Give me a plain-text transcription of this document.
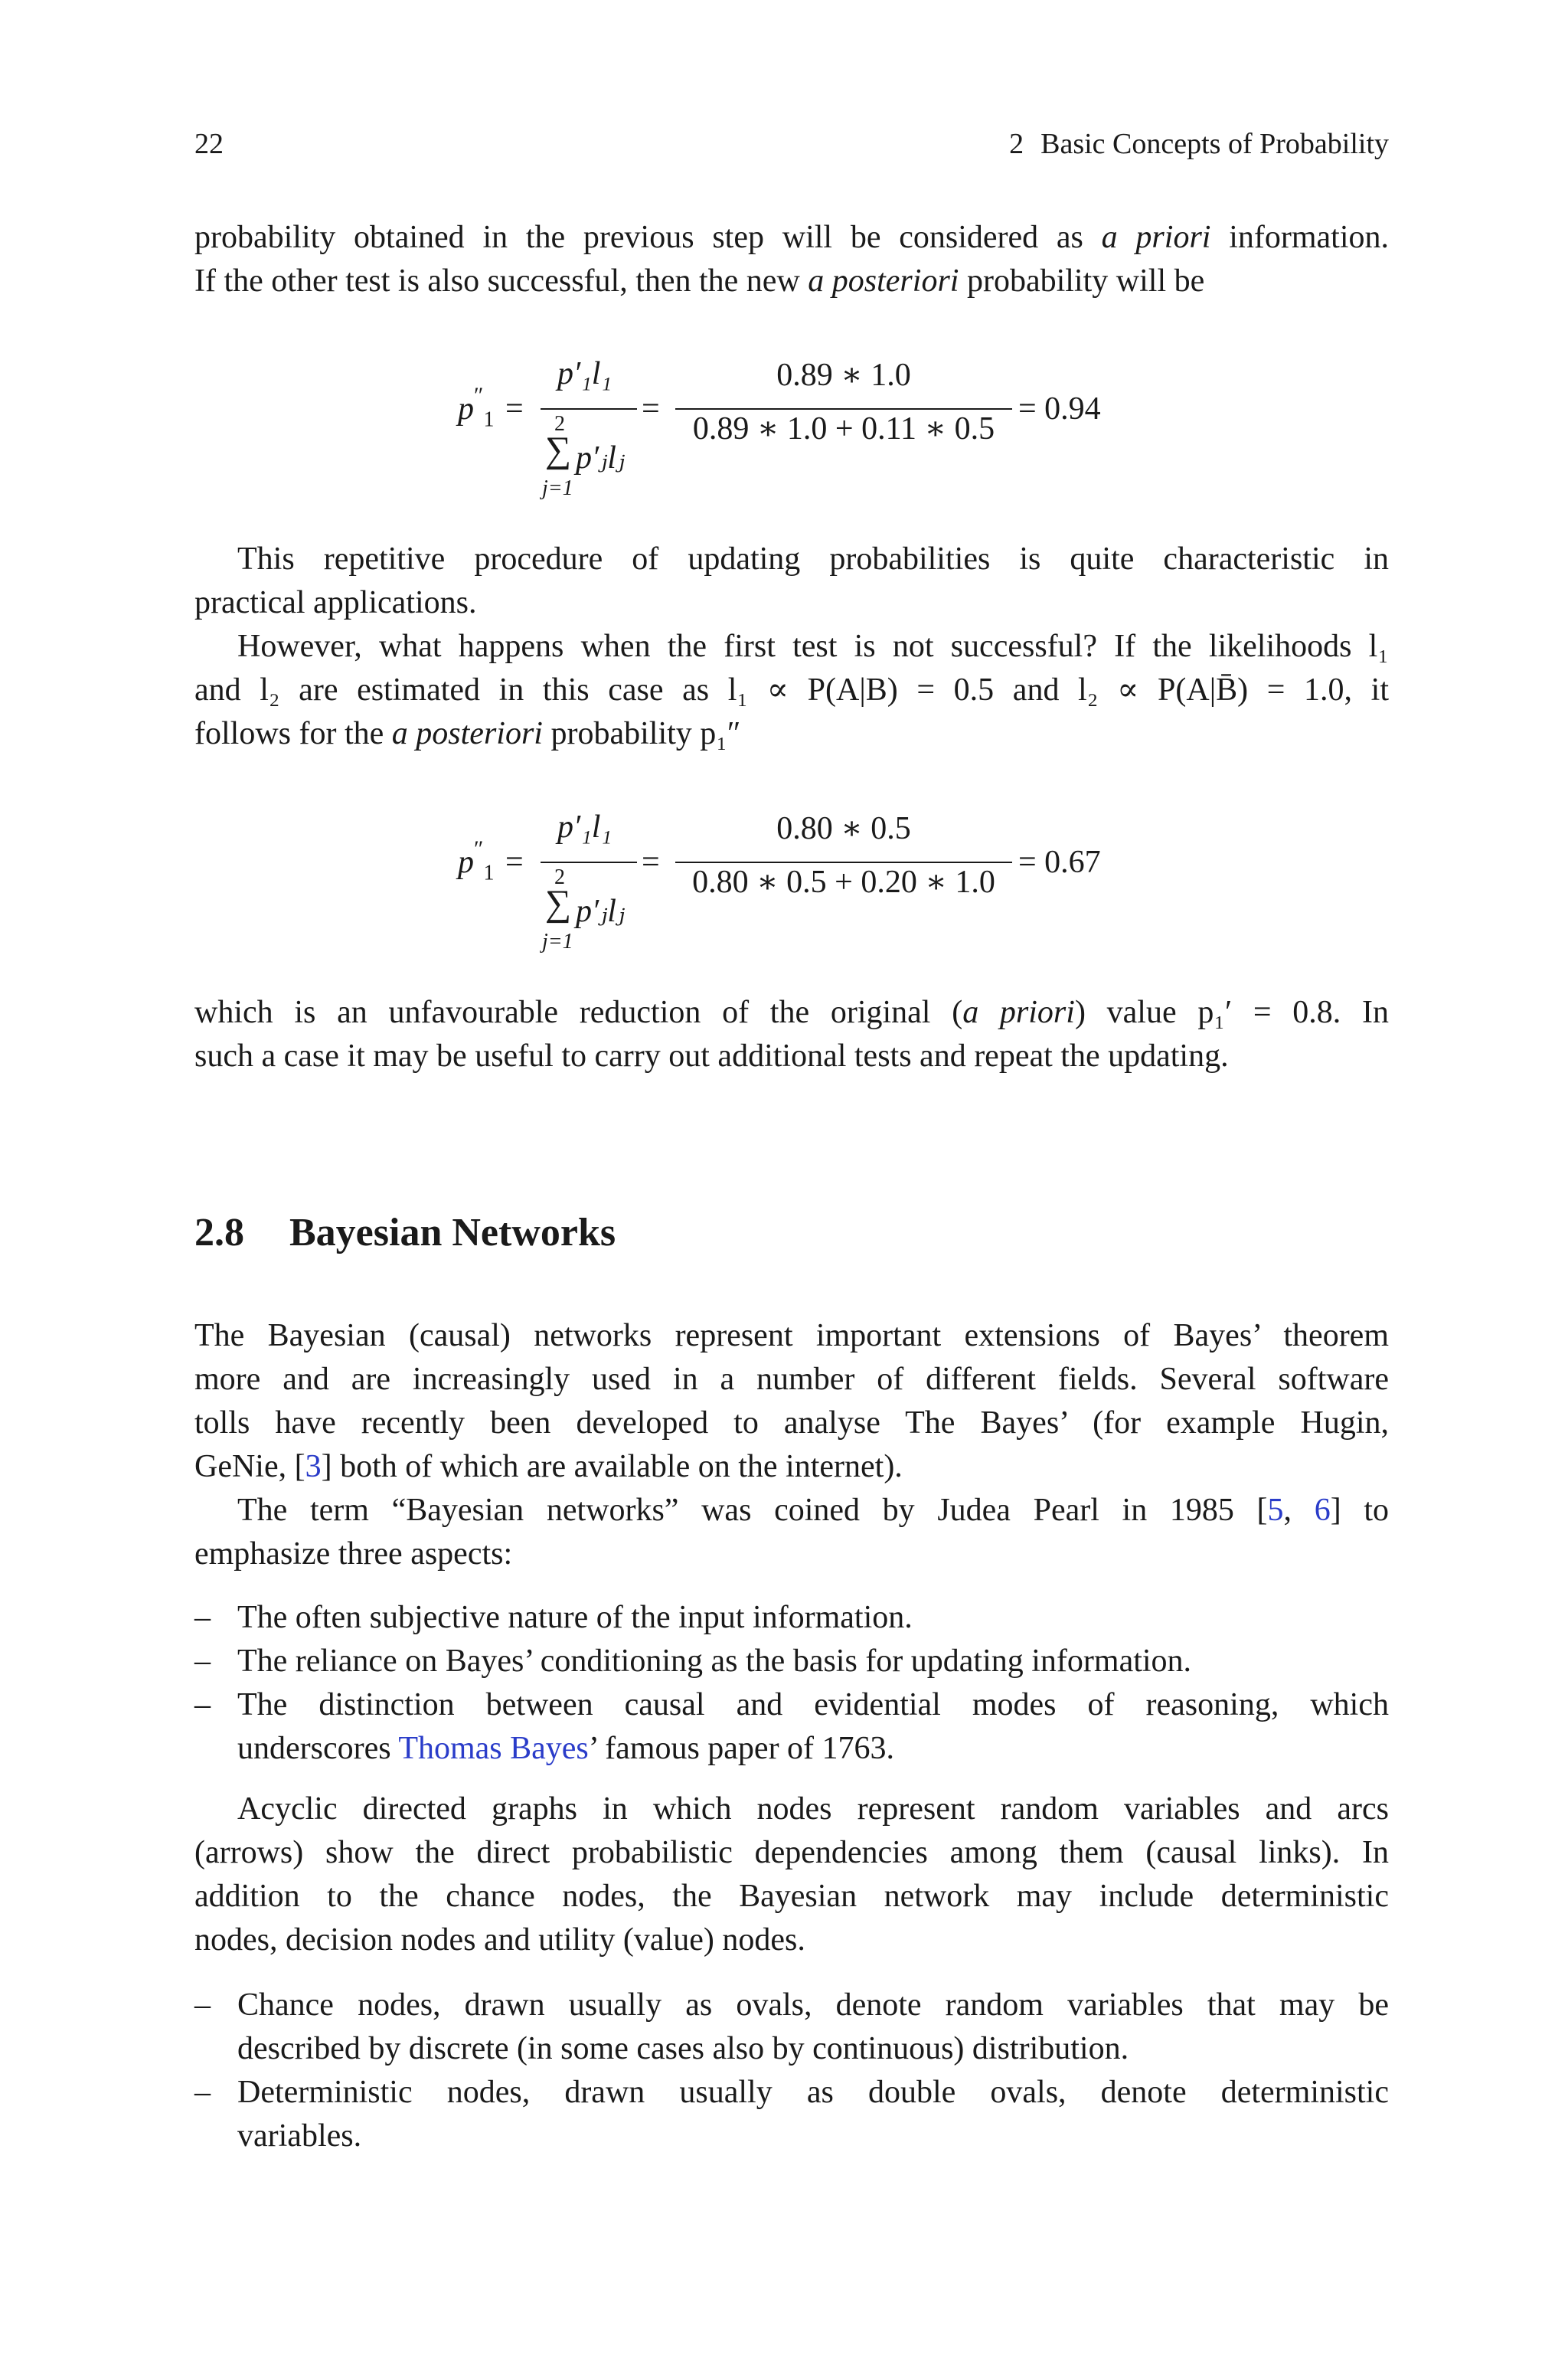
22	2 Basic Concepts of Probability
probability obtained in the previous step will be considered as a priori information.
If the other test is also successful, then the new a posteriori probability will be
$p''_1$ =
p′₁l₁
2
∑ p′ⱼlⱼ
j=1
=
0.89 ∗ 1.0
0.89 ∗ 1.0 + 0.11 ∗ 0.5
= 0.94
This repetitive procedure of updating probabilities is quite characteristic in
practical applications.
However, what happens when the first test is not successful? If the likelihoods l₁
and l₂ are estimated in this case as l₁ ∝ P(A|B) = 0.5 and l₂ ∝ P(A|B̄) = 1.0, it
follows for the a posteriori probability p₁″
$p''_1$ =
p′₁l₁
2
∑ p′ⱼlⱼ
j=1
=
0.80 ∗ 0.5
0.80 ∗ 0.5 + 0.20 ∗ 1.0
= 0.67
which is an unfavourable reduction of the original (a priori) value p₁′ = 0.8. In
such a case it may be useful to carry out additional tests and repeat the updating.
2.8 Bayesian Networks
The Bayesian (causal) networks represent important extensions of Bayes’ theorem
more and are increasingly used in a number of different fields. Several software
tolls have recently been developed to analyse The Bayes’ (for example Hugin,
GeNie, [3] both of which are available on the internet).
The term “Bayesian networks” was coined by Judea Pearl in 1985 [5, 6] to
emphasize three aspects:
– The often subjective nature of the input information.
– The reliance on Bayes’ conditioning as the basis for updating information.
– The distinction between causal and evidential modes of reasoning, which
underscores Thomas Bayes’ famous paper of 1763.
Acyclic directed graphs in which nodes represent random variables and arcs
(arrows) show the direct probabilistic dependencies among them (causal links). In
addition to the chance nodes, the Bayesian network may include deterministic
nodes, decision nodes and utility (value) nodes.
– Chance nodes, drawn usually as ovals, denote random variables that may be
described by discrete (in some cases also by continuous) distribution.
– Deterministic nodes, drawn usually as double ovals, denote deterministic
variables.
